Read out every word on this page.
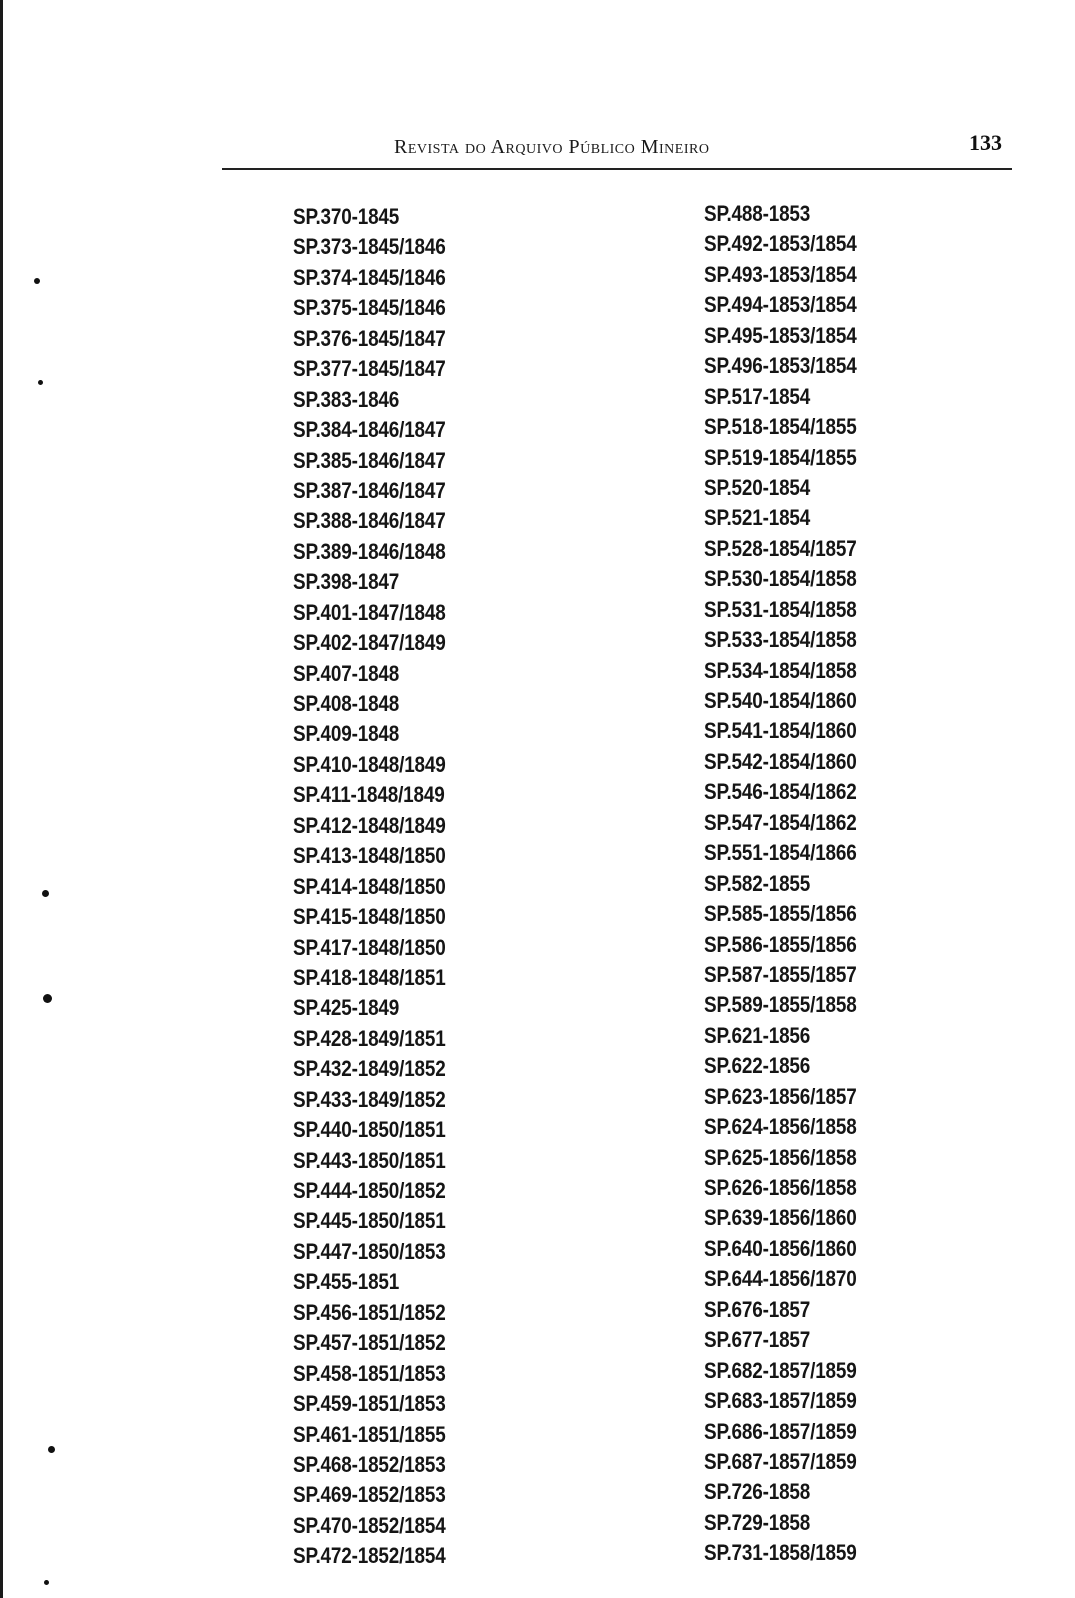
Revista do Arquivo Público Mineiro	133
SP.370-1845
SP.373-1845/1846
SP.374-1845/1846
SP.375-1845/1846
SP.376-1845/1847
SP.377-1845/1847
SP.383-1846
SP.384-1846/1847
SP.385-1846/1847
SP.387-1846/1847
SP.388-1846/1847
SP.389-1846/1848
SP.398-1847
SP.401-1847/1848
SP.402-1847/1849
SP.407-1848
SP.408-1848
SP.409-1848
SP.410-1848/1849
SP.411-1848/1849
SP.412-1848/1849
SP.413-1848/1850
SP.414-1848/1850
SP.415-1848/1850
SP.417-1848/1850
SP.418-1848/1851
SP.425-1849
SP.428-1849/1851
SP.432-1849/1852
SP.433-1849/1852
SP.440-1850/1851
SP.443-1850/1851
SP.444-1850/1852
SP.445-1850/1851
SP.447-1850/1853
SP.455-1851
SP.456-1851/1852
SP.457-1851/1852
SP.458-1851/1853
SP.459-1851/1853
SP.461-1851/1855
SP.468-1852/1853
SP.469-1852/1853
SP.470-1852/1854
SP.472-1852/1854
SP.488-1853
SP.492-1853/1854
SP.493-1853/1854
SP.494-1853/1854
SP.495-1853/1854
SP.496-1853/1854
SP.517-1854
SP.518-1854/1855
SP.519-1854/1855
SP.520-1854
SP.521-1854
SP.528-1854/1857
SP.530-1854/1858
SP.531-1854/1858
SP.533-1854/1858
SP.534-1854/1858
SP.540-1854/1860
SP.541-1854/1860
SP.542-1854/1860
SP.546-1854/1862
SP.547-1854/1862
SP.551-1854/1866
SP.582-1855
SP.585-1855/1856
SP.586-1855/1856
SP.587-1855/1857
SP.589-1855/1858
SP.621-1856
SP.622-1856
SP.623-1856/1857
SP.624-1856/1858
SP.625-1856/1858
SP.626-1856/1858
SP.639-1856/1860
SP.640-1856/1860
SP.644-1856/1870
SP.676-1857
SP.677-1857
SP.682-1857/1859
SP.683-1857/1859
SP.686-1857/1859
SP.687-1857/1859
SP.726-1858
SP.729-1858
SP.731-1858/1859
